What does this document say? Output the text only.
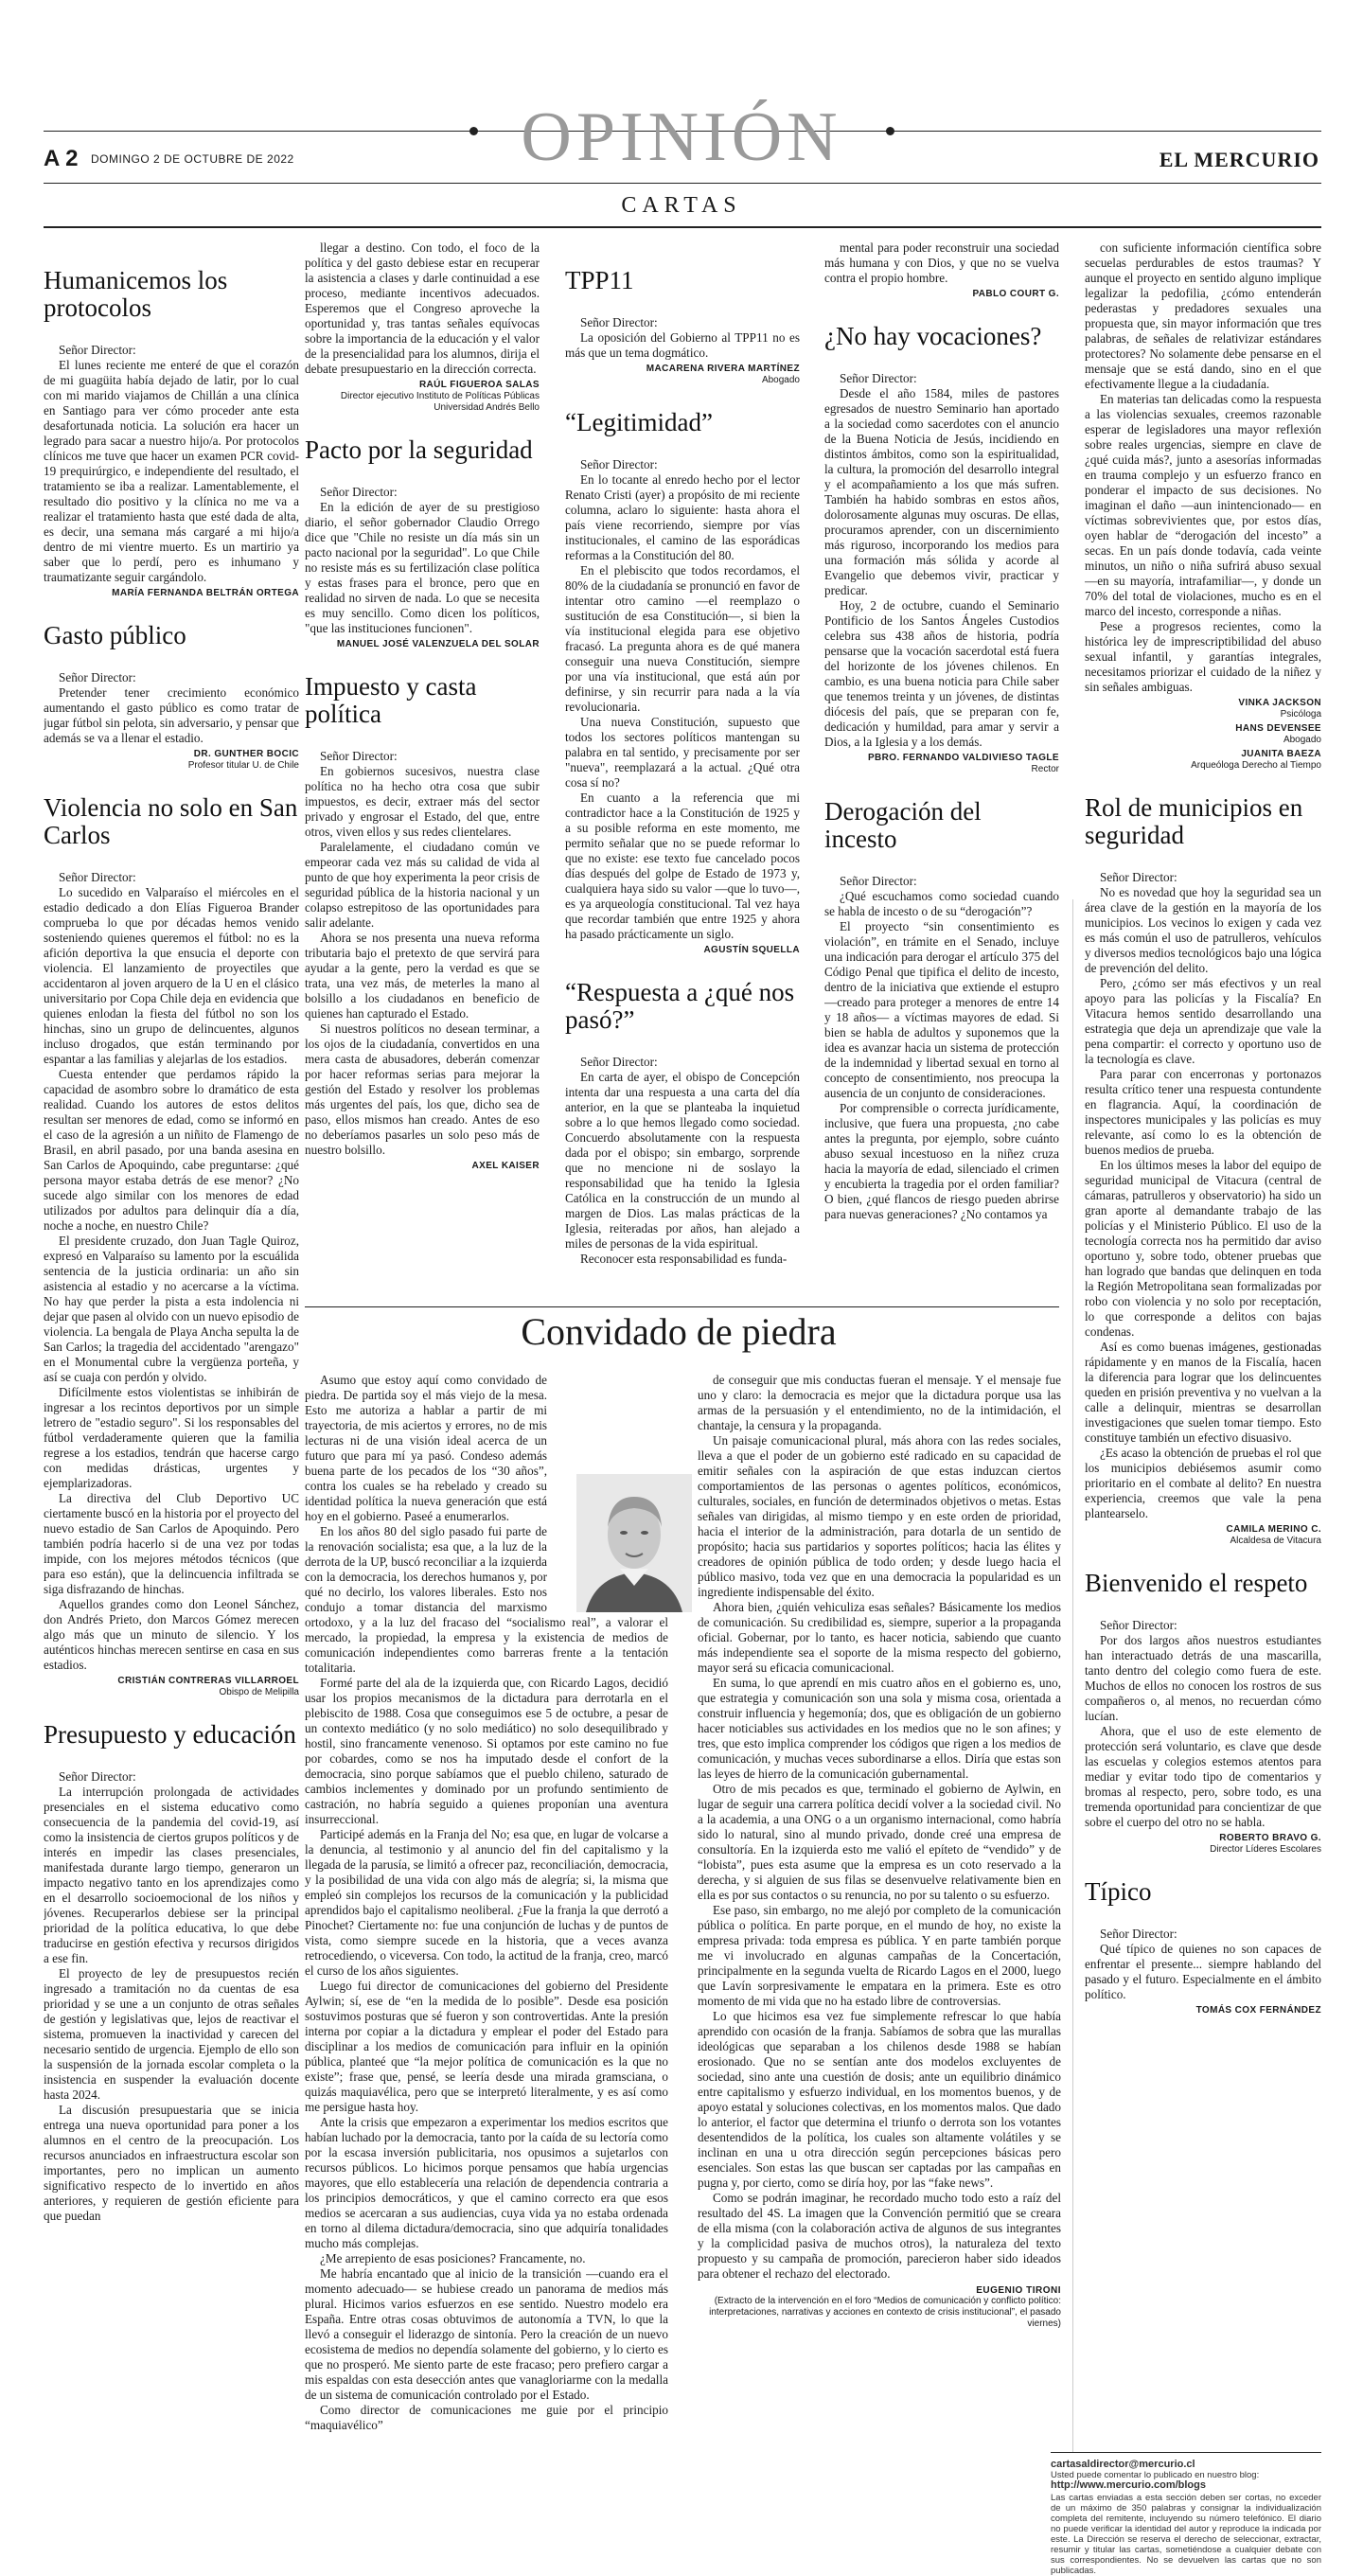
OPINIÓN
A 2 DOMINGO 2 DE OCTUBRE DE 2022	EL MERCURIO
CARTAS
Humanicemos los protocolos
Señor Director:

El lunes reciente me enteré de que el corazón de mi guagüita había dejado de latir, por lo cual con mi marido viajamos de Chillán a una clínica en Santiago para ver cómo proceder ante esta desafortunada noticia. La solución era hacer un legrado para sacar a nuestro hijo/a. Por protocolos clínicos me tuve que hacer un examen PCR covid-19 prequirúrgico, e independiente del resultado, el tratamiento se iba a realizar. Lamentablemente, el resultado dio positivo y la clínica no me va a realizar el tratamiento hasta que esté dada de alta, es decir, una semana más cargaré a mi hijo/a dentro de mi vientre muerto. Es un martirio ya saber que lo perdí, pero es inhumano y traumatizante seguir cargándolo.

MARÍA FERNANDA BELTRÁN ORTEGA
Gasto público
Señor Director:

Pretender tener crecimiento económico aumentando el gasto público es como tratar de jugar fútbol sin pelota, sin adversario, y pensar que además se va a llenar el estadio.

DR. GUNTHER BOCIC
Profesor titular U. de Chile
Violencia no solo en San Carlos
Señor Director:

Lo sucedido en Valparaíso el miércoles en el estadio dedicado a don Elías Figueroa Brander comprueba lo que por décadas hemos venido sosteniendo quienes queremos el fútbol: no es la afición deportiva la que ensucia el deporte con violencia. El lanzamiento de proyectiles que accidentaron al joven arquero de la U en el clásico universitario por Copa Chile deja en evidencia que quienes enlodan la fiesta del fútbol no son los hinchas, sino un grupo de delincuentes, algunos incluso drogados, que están terminando por espantar a las familias y alejarlas de los estadios.

Cuesta entender que perdamos rápido la capacidad de asombro sobre lo dramático de esta realidad. Cuando los autores de estos delitos resultan ser menores de edad, como se informó en el caso de la agresión a un niñito de Flamengo de Brasil, en abril pasado, por una banda asesina en San Carlos de Apoquindo, cabe preguntarse: ¿qué persona mayor estaba detrás de ese menor? ¿No sucede algo similar con los menores de edad utilizados por adultos para delinquir día a día, noche a noche, en nuestro Chile?

El presidente cruzado, don Juan Tagle Quiroz, expresó en Valparaíso su lamento por la escuálida sentencia de la justicia ordinaria: un año sin asistencia al estadio y no acercarse a la víctima. No hay que perder la pista a esta indolencia ni dejar que pasen al olvido con un nuevo episodio de violencia. La bengala de Playa Ancha sepulta la de San Carlos; la tragedia del accidentado "arengazo" en el Monumental cubre la vergüenza porteña, y así se cuaja con perdón y olvido.

Difícilmente estos violentistas se inhibirán de ingresar a los recintos deportivos por un simple letrero de "estadio seguro". Si los responsables del fútbol verdaderamente quieren que la familia regrese a los estadios, tendrán que hacerse cargo con medidas drásticas, urgentes y ejemplarizadoras.

La directiva del Club Deportivo UC ciertamente buscó en la historia por el proyecto del nuevo estadio de San Carlos de Apoquindo. Pero también podría hacerlo si de una vez por todas impide, con los mejores métodos técnicos (que para eso están), que la delincuencia infiltrada se siga disfrazando de hinchas.

Aquellos grandes como don Leonel Sánchez, don Andrés Prieto, don Marcos Gómez merecen algo más que un minuto de silencio. Y los auténticos hinchas merecen sentirse en casa en sus estadios.

CRISTIÁN CONTRERAS VILLARROEL
Obispo de Melipilla
Presupuesto y educación
Señor Director:

La interrupción prolongada de actividades presenciales en el sistema educativo como consecuencia de la pandemia del covid-19, así como la insistencia de ciertos grupos políticos y de interés en impedir las clases presenciales, manifestada durante largo tiempo, generaron un impacto negativo tanto en los aprendizajes como en el desarrollo socioemocional de los niños y jóvenes. Recuperarlos debiese ser la principal prioridad de la política educativa, lo que debe traducirse en gestión efectiva y recursos dirigidos a ese fin.

El proyecto de ley de presupuestos recién ingresado a tramitación no da cuentas de esa prioridad y se une a un conjunto de otras señales de gestión y legislativas que, lejos de reactivar el sistema, promueven la inactividad y carecen del necesario sentido de urgencia. Ejemplo de ello son la suspensión de la jornada escolar completa o la insistencia en suspender la evaluación docente hasta 2024.

La discusión presupuestaria que se inicia entrega una nueva oportunidad para poner a los alumnos en el centro de la preocupación. Los recursos anunciados en infraestructura escolar son importantes, pero no implican un aumento significativo respecto de lo invertido en años anteriores, y requieren de gestión eficiente para que puedan

llegar a destino. Con todo, el foco de la política y del gasto debiese estar en recuperar la asistencia a clases y darle continuidad a ese proceso, mediante incentivos adecuados. Esperemos que el Congreso aproveche la oportunidad y, tras tantas señales equívocas sobre la importancia de la educación y el valor de la presencialidad para los alumnos, dirija el debate presupuestario en la dirección correcta.

RAÚL FIGUEROA SALAS
Director ejecutivo Instituto de Políticas Públicas Universidad Andrés Bello
Pacto por la seguridad
Señor Director:

En la edición de ayer de su prestigioso diario, el señor gobernador Claudio Orrego dice que "Chile no resiste un día más sin un pacto nacional por la seguridad". Lo que Chile no resiste más es su fertilización clase política y estas frases para el bronce, pero que en realidad no sirven de nada. Lo que se necesita es muy sencillo. Como dicen los políticos, "que las instituciones funcionen".

MANUEL JOSÉ VALENZUELA DEL SOLAR
Impuesto y casta política
Señor Director:

En gobiernos sucesivos, nuestra clase política no ha hecho otra cosa que subir impuestos, es decir, extraer más del sector privado y engrosar el Estado, del que, entre otros, viven ellos y sus redes clientelares.

Paralelamente, el ciudadano común ve empeorar cada vez más su calidad de vida al punto de que hoy experimenta la peor crisis de seguridad pública de la historia nacional y un colapso estrepitoso de las oportunidades para salir adelante.

Ahora se nos presenta una nueva reforma tributaria bajo el pretexto de que servirá para ayudar a la gente, pero la verdad es que se trata, una vez más, de meterles la mano al bolsillo a los ciudadanos en beneficio de quienes han capturado el Estado.

Si nuestros políticos no desean terminar, a los ojos de la ciudadanía, convertidos en una mera casta de abusadores, deberán comenzar por hacer reformas serias para mejorar la gestión del Estado y resolver los problemas más urgentes del país, los que, dicho sea de paso, ellos mismos han creado. Antes de eso no deberíamos pasarles un solo peso más de nuestro bolsillo.

AXEL KAISER
TPP11
Señor Director:

La oposición del Gobierno al TPP11 no es más que un tema dogmático.

MACARENA RIVERA MARTÍNEZ
Abogado
“Legitimidad”
Señor Director:

En lo tocante al enredo hecho por el lector Renato Cristi (ayer) a propósito de mi reciente columna, aclaro lo siguiente: hasta ahora el país viene recorriendo, siempre por vías institucionales, el camino de las esporádicas reformas a la Constitución del 80.

En el plebiscito que todos recordamos, el 80% de la ciudadanía se pronunció en favor de intentar otro camino —el reemplazo o sustitución de esa Constitución—, si bien la vía institucional elegida para ese objetivo fracasó. La pregunta ahora es de qué manera conseguir una nueva Constitución, siempre por una vía institucional, que está aún por definirse, y sin recurrir para nada a la vía revolucionaria.

Una nueva Constitución, supuesto que todos los sectores políticos mantengan su palabra en tal sentido, y precisamente por ser "nueva", reemplazará a la actual. ¿Qué otra cosa sí no?

En cuanto a la referencia que mi contradictor hace a la Constitución de 1925 y a su posible reforma en este momento, me permito señalar que no se puede reformar lo que no existe: ese texto fue cancelado pocos días después del golpe de Estado de 1973 y, cualquiera haya sido su valor —que lo tuvo—, es ya arqueología constitucional. Tal vez haya que recordar también que entre 1925 y ahora ha pasado prácticamente un siglo.

AGUSTÍN SQUELLA
“Respuesta a ¿qué nos pasó?”
Señor Director:

En carta de ayer, el obispo de Concepción intenta dar una respuesta a una carta del día anterior, en la que se planteaba la inquietud sobre a lo que hemos llegado como sociedad. Concuerdo absolutamente con la respuesta dada por el obispo; sin embargo, sorprende que no mencione ni de soslayo la responsabilidad que ha tenido la Iglesia Católica en la construcción de un mundo al margen de Dios. Las malas prácticas de la Iglesia, reiteradas por años, han alejado a miles de personas de la vida espiritual.

Reconocer esta responsabilidad es funda-

mental para poder reconstruir una sociedad más humana y con Dios, y que no se vuelva contra el propio hombre.

PABLO COURT G.
¿No hay vocaciones?
Señor Director:

Desde el año 1584, miles de pastores egresados de nuestro Seminario han aportado a la sociedad como sacerdotes con el anuncio de la Buena Noticia de Jesús, incidiendo en distintos ámbitos, como son la espiritualidad, la cultura, la promoción del desarrollo integral y el acompañamiento a los que más sufren. También ha habido sombras en estos años, dolorosamente algunas muy oscuras. De ellas, procuramos aprender, con un discernimiento más riguroso, incorporando los medios para una formación más sólida y acorde al Evangelio que debemos vivir, practicar y predicar.

Hoy, 2 de octubre, cuando el Seminario Pontificio de los Santos Ángeles Custodios celebra sus 438 años de historia, podría pensarse que la vocación sacerdotal está fuera del horizonte de los jóvenes chilenos. En cambio, es una buena noticia para Chile saber que tenemos treinta y un jóvenes, de distintas diócesis del país, que se preparan con fe, dedicación y humildad, para amar y servir a Dios, a la Iglesia y a los demás.

PBRO. FERNANDO VALDIVIESO TAGLE
Rector
Derogación del incesto
Señor Director:

¿Qué escuchamos como sociedad cuando se habla de incesto o de su “derogación”?

El proyecto “sin consentimiento es violación”, en trámite en el Senado, incluye una indicación para derogar el artículo 375 del Código Penal que tipifica el delito de incesto, dentro de la iniciativa que extiende el estupro —creado para proteger a menores de entre 14 y 18 años— a víctimas mayores de edad. Si bien se habla de adultos y suponemos que la idea es avanzar hacia un sistema de protección de la indemnidad y libertad sexual en torno al concepto de consentimiento, nos preocupa la ausencia de un conjunto de consideraciones.

Por comprensible o correcta jurídicamente, inclusive, que fuera una propuesta, ¿no cabe antes la pregunta, por ejemplo, sobre cuánto abuso sexual incestuoso en la niñez cruza hacia la mayoría de edad, silenciado el crimen y encubierta la tragedia por el orden familiar? O bien, ¿qué flancos de riesgo pueden abrirse para nuevas generaciones? ¿No contamos ya

con suficiente información científica sobre secuelas perdurables de estos traumas? Y aunque el proyecto en sentido alguno implique legalizar la pedofilia, ¿cómo entenderán pederastas y predadores sexuales una propuesta que, sin mayor información que tres palabras, de señales de relativizar estándares protectores? No solamente debe pensarse en el mensaje que se está dando, sino en el que efectivamente llegue a la ciudadanía.

En materias tan delicadas como la respuesta a las violencias sexuales, creemos razonable esperar de legisladores una mayor reflexión sobre reales urgencias, siempre en clave de ¿qué cuida más?, junto a asesorías informadas en trauma complejo y un esfuerzo franco en ponderar el impacto de sus decisiones. No imaginan el daño —aun inintencionado— en víctimas sobrevivientes que, por estos días, oyen hablar de “derogación del incesto” a secas. En un país donde todavía, cada veinte minutos, un niño o niña sufrirá abuso sexual —en su mayoría, intrafamiliar—, y donde un 70% del total de violaciones, mucho es en el marco del incesto, corresponde a niñas.

Pese a progresos recientes, como la histórica ley de imprescriptibilidad del abuso sexual infantil, y garantías integrales, necesitamos priorizar el cuidado de la niñez y sin señales ambiguas.

VINKA JACKSON
Psicóloga
HANS DEVENSEE
Abogado
JUANITA BAEZA
Arqueóloga Derecho al Tiempo
Rol de municipios en seguridad
Señor Director:

No es novedad que hoy la seguridad sea un área clave de la gestión en la mayoría de los municipios. Los vecinos lo exigen y cada vez es más común el uso de patrulleros, vehículos y diversos medios tecnológicos bajo una lógica de prevención del delito.

Pero, ¿cómo ser más efectivos y un real apoyo para las policías y la Fiscalía? En Vitacura hemos sentido desarrollando una estrategia que deja un aprendizaje que vale la pena compartir: el correcto y oportuno uso de la tecnología es clave.

Para parar con encerronas y portonazos resulta crítico tener una respuesta contundente en flagrancia. Aquí, la coordinación de inspectores municipales y las policías es muy relevante, así como lo es la obtención de buenos medios de prueba.

En los últimos meses la labor del equipo de seguridad municipal de Vitacura (central de cámaras, patrulleros y observatorio) ha sido un gran aporte al demandante trabajo de las policías y el Ministerio Público. El uso de la tecnología correcta nos ha permitido dar aviso oportuno y, sobre todo, obtener pruebas que han logrado que bandas que delinquen en toda la Región Metropolitana sean formalizadas por robo con violencia y no solo por receptación, lo que corresponde a delitos con bajas condenas.

Así es como buenas imágenes, gestionadas rápidamente y en manos de la Fiscalía, hacen la diferencia para lograr que los delincuentes queden en prisión preventiva y no vuelvan a la calle a delinquir, mientras se desarrollan investigaciones que suelen tomar tiempo. Esto constituye también un efectivo disuasivo.

¿Es acaso la obtención de pruebas el rol que los municipios debiésemos asumir como prioritario en el combate al delito? En nuestra experiencia, creemos que vale la pena plantearselo.

CAMILA MERINO C.
Alcaldesa de Vitacura
Bienvenido el respeto
Señor Director:

Por dos largos años nuestros estudiantes han interactuado detrás de una mascarilla, tanto dentro del colegio como fuera de este. Muchos de ellos no conocen los rostros de sus compañeros o, al menos, no recuerdan cómo lucían.

Ahora, que el uso de este elemento de protección será voluntario, es clave que desde las escuelas y colegios estemos atentos para mediar y evitar todo tipo de comentarios y bromas al respecto, pero, sobre todo, es una tremenda oportunidad para concientizar de que sobre el cuerpo del otro no se habla.

ROBERTO BRAVO G.
Director Líderes Escolares
Típico
Señor Director:

Qué típico de quienes no son capaces de enfrentar el presente... siempre hablando del pasado y el futuro. Especialmente en el ámbito político.

TOMÁS COX FERNÁNDEZ
Convidado de piedra

Asumo que estoy aquí como convidado de piedra. De partida soy el más viejo de la mesa. Esto me autoriza a hablar a partir de mi trayectoria, de mis aciertos y errores, no de mis lecturas ni de una visión ideal acerca de un futuro que para mí ya pasó. Condeso además buena parte de los pecados de los “30 años”, contra los cuales se ha rebelado y creado su identidad política la nueva generación que está hoy en el gobierno. Paseé a enumerarlos.

En los años 80 del siglo pasado fui parte de la renovación socialista; esa que, a la luz de la derrota de la UP, buscó reconciliar a la izquierda con la democracia, los derechos humanos y, por qué no decirlo, los valores liberales. Esto nos condujo a tomar distancia del marxismo ortodoxo, y a la luz del fracaso del “socialismo real”, a valorar el mercado, la propiedad, la empresa y la existencia de medios de comunicación independientes como barreras frente a la tentación totalitaria.

Formé parte del ala de la izquierda que, con Ricardo Lagos, decidió usar los propios mecanismos de la dictadura para derrotarla en el plebiscito de 1988. Cosa que conseguimos ese 5 de octubre, a pesar de un contexto mediático (y no solo mediático) no solo desequilibrado y hostil, sino francamente venenoso. Si optamos por este camino no fue por cobardes, como se nos ha imputado desde el confort de la democracia, sino porque sabíamos que el pueblo chileno, saturado de cambios inclementes y dominado por un profundo sentimiento de castración, no habría seguido a quienes proponían una aventura insurreccional.

Participé además en la Franja del No; esa que, en lugar de volcarse a la denuncia, al testimonio y al anuncio del fin del capitalismo y la llegada de la parusía, se limitó a ofrecer paz, reconciliación, democracia, y la posibilidad de una vida con algo más de alegría; si, la misma que empleó sin complejos los recursos de la comunicación y la publicidad aprendidos bajo el capitalismo neoliberal. ¿Fue la franja la que derrotó a Pinochet? Ciertamente no: fue una conjunción de luchas y de puntos de vista, como siempre sucede en la historia, que a veces avanza retrocediendo, o viceversa. Con todo, la actitud de la franja, creo, marcó el curso de los años siguientes.

Luego fui director de comunicaciones del gobierno del Presidente Aylwin; sí, ese de “en la medida de lo posible”. Desde esa posición sostuvimos posturas que sé fueron y son controvertidas. Ante la presión interna por copiar a la dictadura y emplear el poder del Estado para disciplinar a los medios de comunicación para influir en la opinión pública, planteé que “la mejor política de comunicación es la que no existe”; frase que, pensé, se leería desde una mirada gramsciana, o quizás maquiavélica, pero que se interpretó literalmente, y es así como me persigue hasta hoy.

Ante la crisis que empezaron a experimentar los medios escritos que habían luchado por la democracia, tanto por la caída de su lectoría como por la escasa inversión publicitaria, nos opusimos a sujetarlos con recursos públicos. Lo hicimos porque pensamos que había urgencias mayores, que ello establecería una relación de dependencia contraria a los principios democráticos, y que el camino correcto era que esos medios se acercaran a sus audiencias, cuya vida ya no estaba ordenada en torno al dilema dictadura/democracia, sino que adquiría tonalidades mucho más complejas.

¿Me arrepiento de esas posiciones? Francamente, no.

Me habría encantado que al inicio de la transición —cuando era el momento adecuado— se hubiese creado un panorama de medios más plural. Hicimos varios esfuerzos en ese sentido. Nuestro modelo era España. Entre otras cosas obtuvimos de autonomía a TVN, lo que la llevó a conseguir el liderazgo de sintonía. Pero la creación de un nuevo ecosistema de medios no dependía solamente del gobierno, y lo cierto es que no prosperó. Me siento parte de este fracaso; pero prefiero cargar a mis espaldas con esta desección antes que vanagloriarme con la medalla de un sistema de comunicación controlado por el Estado.

Como director de comunicaciones me guie por el principio “maquiavélico”

de conseguir que mis conductas fueran el mensaje. Y el mensaje fue uno y claro: la democracia es mejor que la dictadura porque usa las armas de la persuasión y el entendimiento, no de la intimidación, el chantaje, la censura y la propaganda.

Un paisaje comunicacional plural, más ahora con las redes sociales, lleva a que el poder de un gobierno esté radicado en su capacidad de emitir señales con la aspiración de que estas induzcan ciertos comportamientos de las personas o agentes políticos, económicos, culturales, sociales, en función de determinados objetivos o metas. Estas señales van dirigidas, al mismo tiempo y en este orden de prioridad, hacia el interior de la administración, para dotarla de un sentido de propósito; hacia sus partidarios y soportes políticos; hacia las élites y creadores de opinión pública de todo orden; y desde luego hacia el público masivo, toda vez que en una democracia la popularidad es un ingrediente indispensable del éxito.

Ahora bien, ¿quién vehiculiza esas señales? Básicamente los medios de comunicación. Su credibilidad es, siempre, superior a la propaganda oficial. Gobernar, por lo tanto, es hacer noticia, sabiendo que cuanto más independiente sea el soporte de la misma respecto del gobierno, mayor será su eficacia comunicacional.

En suma, lo que aprendí en mis cuatro años en el gobierno es, uno, que estrategia y comunicación son una sola y misma cosa, orientada a construir influencia y hegemonía; dos, que es obligación de un gobierno hacer noticiables sus actividades en los medios que no le son afines; y tres, que esto implica comprender los códigos que rigen a los medios de comunicación, y muchas veces subordinarse a ellos. Diría que estas son las leyes de hierro de la comunicación gubernamental.

Otro de mis pecados es que, terminado el gobierno de Aylwin, en lugar de seguir una carrera política decidí volver a la sociedad civil. No a la academia, a una ONG o a un organismo internacional, como habría sido lo natural, sino al mundo privado, donde creé una empresa de consultoría. En la izquierda esto me valió el epíteto de “vendido” y de “lobista”, pues esta asume que la empresa es un coto reservado a la derecha, y si alguien de sus filas se desenvuelve relativamente bien en ella es por sus contactos o su renuncia, no por su talento o su esfuerzo.

Ese paso, sin embargo, no me alejó por completo de la comunicación pública o política. En parte porque, en el mundo de hoy, no existe la empresa privada: toda empresa es pública. Y en parte también porque me vi involucrado en algunas campañas de la Concertación, principalmente en la segunda vuelta de Ricardo Lagos en el 2000, luego que Lavín sorpresivamente le empatara en la primera. Este es otro momento de mi vida que no ha estado libre de controversias.

Lo que hicimos esa vez fue simplemente refrescar lo que había aprendido con ocasión de la franja. Sabíamos de sobra que las murallas ideológicas que separaban a los chilenos desde 1988 se habían erosionado. Que no se sentían ante dos modelos excluyentes de sociedad, sino ante una cuestión de dosis; ante un equilibrio dinámico entre capitalismo y esfuerzo individual, en los momentos buenos, y de apoyo estatal y soluciones colectivas, en los momentos malos. Que dado lo anterior, el factor que determina el triunfo o derrota son los votantes desentendidos de la política, los cuales son altamente volátiles y se inclinan en una u otra dirección según percepciones básicas pero esenciales. Son estas las que buscan ser captadas por las campañas en pugna y, por cierto, como se diría hoy, por las “fake news”.

Como se podrán imaginar, he recordado mucho todo esto a raíz del resultado del 4S. La imagen que la Convención permitió que se creara de ella misma (con la colaboración activa de algunos de sus integrantes y la complicidad pasiva de muchos otros), la naturaleza del texto propuesto y su campaña de promoción, parecieron haber sido ideados para obtener el rechazo del electorado.

EUGENIO TIRONI
(Extracto de la intervención en el foro “Medios de comunicación y conflicto político: interpretaciones, narrativas y acciones en contexto de crisis institucional”, el pasado viernes)
cartasaldirector@mercurio.cl
Usted puede comentar lo publicado en nuestro blog:
http://www.mercurio.com/blogs
Las cartas enviadas a esta sección deben ser cortas, no exceder de un máximo de 350 palabras y consignar la individualización completa del remitente, incluyendo su número telefónico. El diario no puede verificar la identidad del autor y reproduce la indicada por este. La Dirección se reserva el derecho de seleccionar, extractar, resumir y titular las cartas, sometiéndose a cualquier debate con sus correspondientes. No se devuelven las cartas que no son publicadas.
